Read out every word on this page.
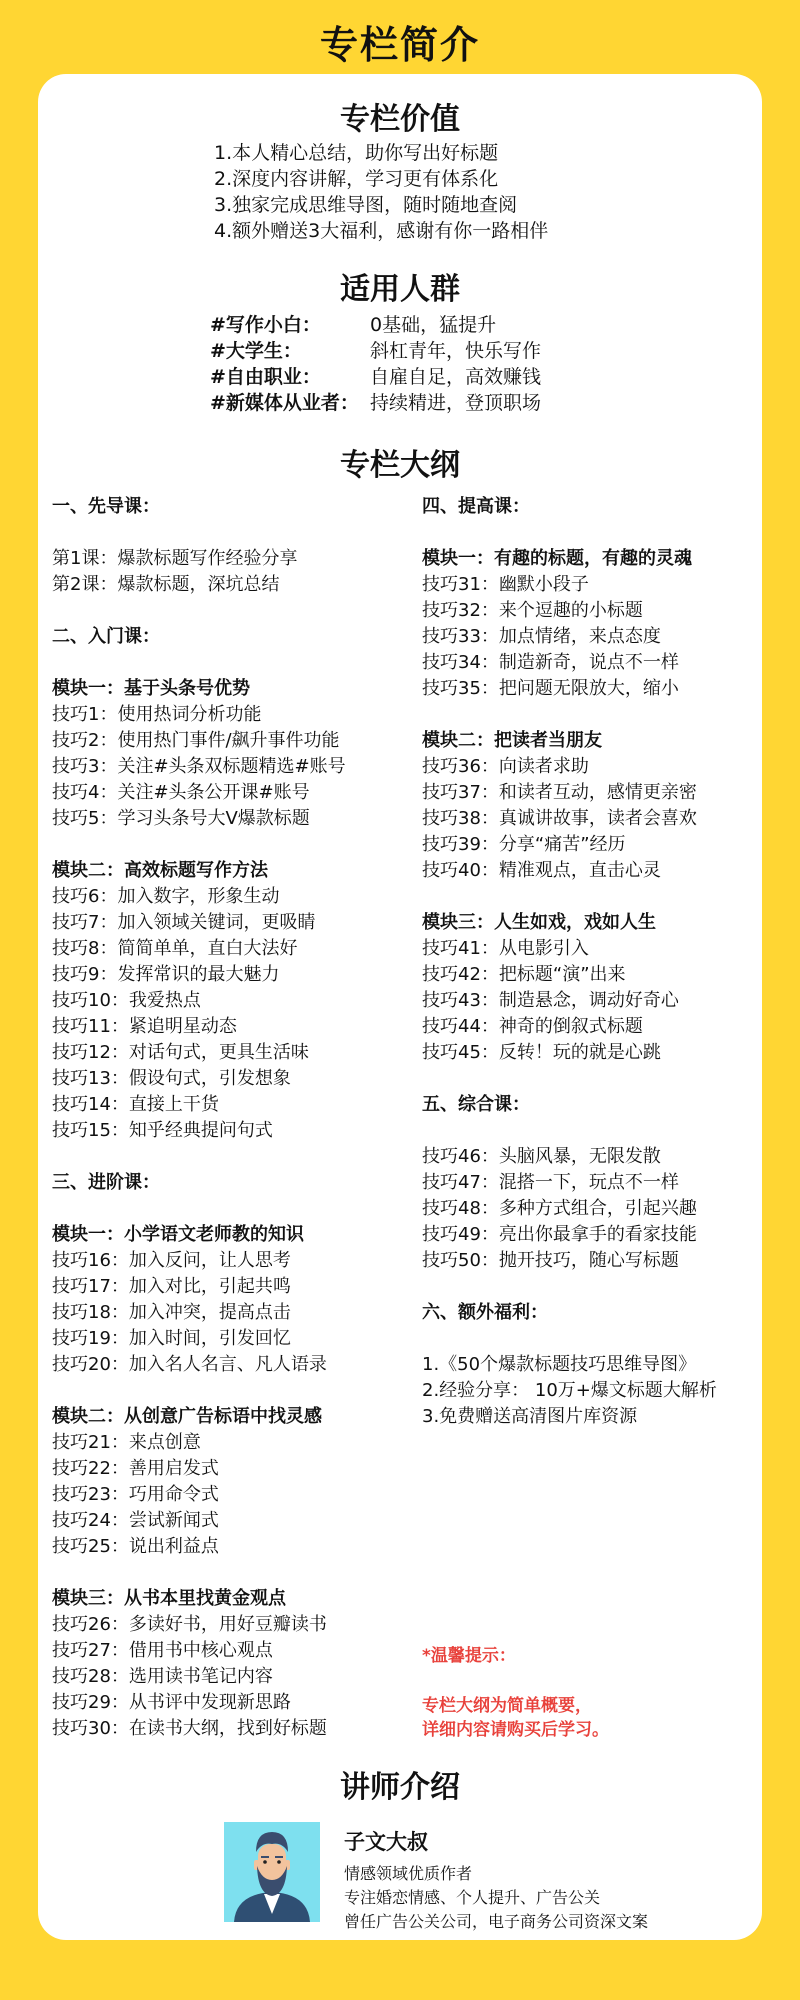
专栏简介
专栏价值
1.本人精心总结，助你写出好标题
2.深度内容讲解，学习更有体系化
3.独家完成思维导图，随时随地查阅
4.额外赠送3大福利，感谢有你一路相伴
适用人群
#写作小白：	0基础，猛提升
#大学生：	斜杠青年，快乐写作
#自由职业：	自雇自足，高效赚钱
#新媒体从业者： 持续精进，登顶职场
专栏大纲
一、先导课：
第1课：爆款标题写作经验分享
第2课：爆款标题，深坑总结
二、入门课：
模块一：基于头条号优势
技巧1：使用热词分析功能
技巧2：使用热门事件/飙升事件功能
技巧3：关注#头条双标题精选#账号
技巧4：关注#头条公开课#账号
技巧5：学习头条号大V爆款标题
模块二：高效标题写作方法
技巧6：加入数字，形象生动
技巧7：加入领域关键词，更吸睛
技巧8：简简单单，直白大法好
技巧9：发挥常识的最大魅力
技巧10：我爱热点
技巧11：紧追明星动态
技巧12：对话句式，更具生活味
技巧13：假设句式，引发想象
技巧14：直接上干货
技巧15：知乎经典提问句式
三、进阶课：
模块一：小学语文老师教的知识
技巧16：加入反问，让人思考
技巧17：加入对比，引起共鸣
技巧18：加入冲突，提高点击
技巧19：加入时间，引发回忆
技巧20：加入名人名言、凡人语录
模块二：从创意广告标语中找灵感
技巧21：来点创意
技巧22：善用启发式
技巧23：巧用命令式
技巧24：尝试新闻式
技巧25：说出利益点
模块三：从书本里找黄金观点
技巧26：多读好书，用好豆瓣读书
技巧27：借用书中核心观点
技巧28：选用读书笔记内容
技巧29：从书评中发现新思路
技巧30：在读书大纲，找到好标题
四、提高课：
模块一：有趣的标题，有趣的灵魂
技巧31：幽默小段子
技巧32：来个逗趣的小标题
技巧33：加点情绪，来点态度
技巧34：制造新奇，说点不一样
技巧35：把问题无限放大，缩小
模块二：把读者当朋友
技巧36：向读者求助
技巧37：和读者互动，感情更亲密
技巧38：真诚讲故事，读者会喜欢
技巧39：分享“痛苦”经历
技巧40：精准观点，直击心灵
模块三：人生如戏，戏如人生
技巧41：从电影引入
技巧42：把标题“演”出来
技巧43：制造悬念，调动好奇心
技巧44：神奇的倒叙式标题
技巧45：反转！玩的就是心跳
五、综合课：
技巧46：头脑风暴，无限发散
技巧47：混搭一下，玩点不一样
技巧48：多种方式组合，引起兴趣
技巧49：亮出你最拿手的看家技能
技巧50：抛开技巧，随心写标题
六、额外福利：
1.《50个爆款标题技巧思维导图》
2.经验分享： 10万+爆文标题大解析
3.免费赠送高清图片库资源
*温馨提示：
专栏大纲为简单概要，
详细内容请购买后学习。
讲师介绍
子文大叔
情感领域优质作者
专注婚恋情感、个人提升、广告公关
曾任广告公关公司，电子商务公司资深文案
